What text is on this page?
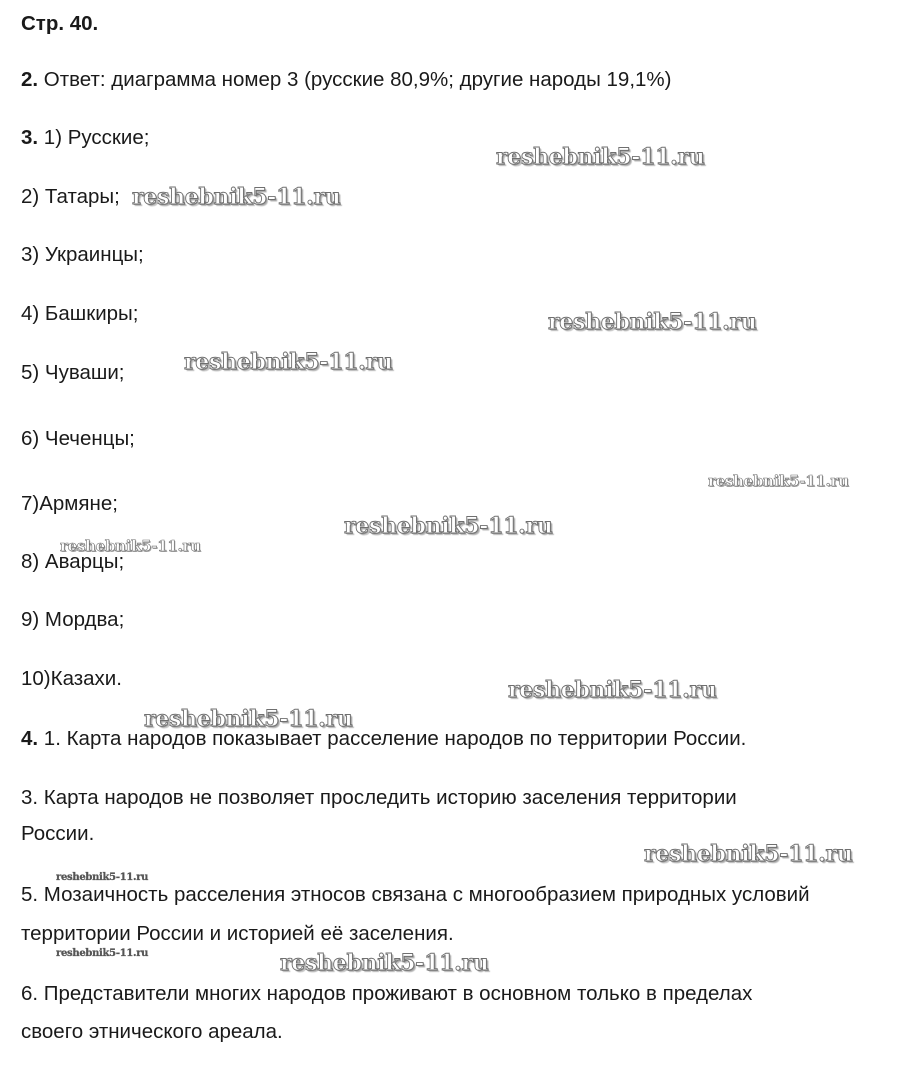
Стр. 40.
2. Ответ: диаграмма номер 3 (русские 80,9%; другие народы 19,1%)
3. 1) Русские;
2) Татары;
3) Украинцы;
4) Башкиры;
5) Чуваши;
6) Чеченцы;
7)Армяне;
8) Аварцы;
9) Мордва;
10)Казахи.
4. 1. Карта народов показывает расселение народов по территории России.
3. Карта народов не позволяет проследить историю заселения территории
России.
5. Мозаичность расселения этносов связана с многообразием природных условий
территории России и историей её заселения.
6. Представители многих народов проживают в основном только в пределах
своего этнического ареала.
reshebnik5-11.ru
reshebnik5-11.ru
reshebnik5-11.ru
reshebnik5-11.ru
reshebnik5-11.ru
reshebnik5-11.ru
reshebnik5-11.ru
reshebnik5-11.ru
reshebnik5-11.ru
reshebnik5-11.ru
reshebnik5-11.ru
reshebnik5-11.ru	reshebnik5-11.ru
